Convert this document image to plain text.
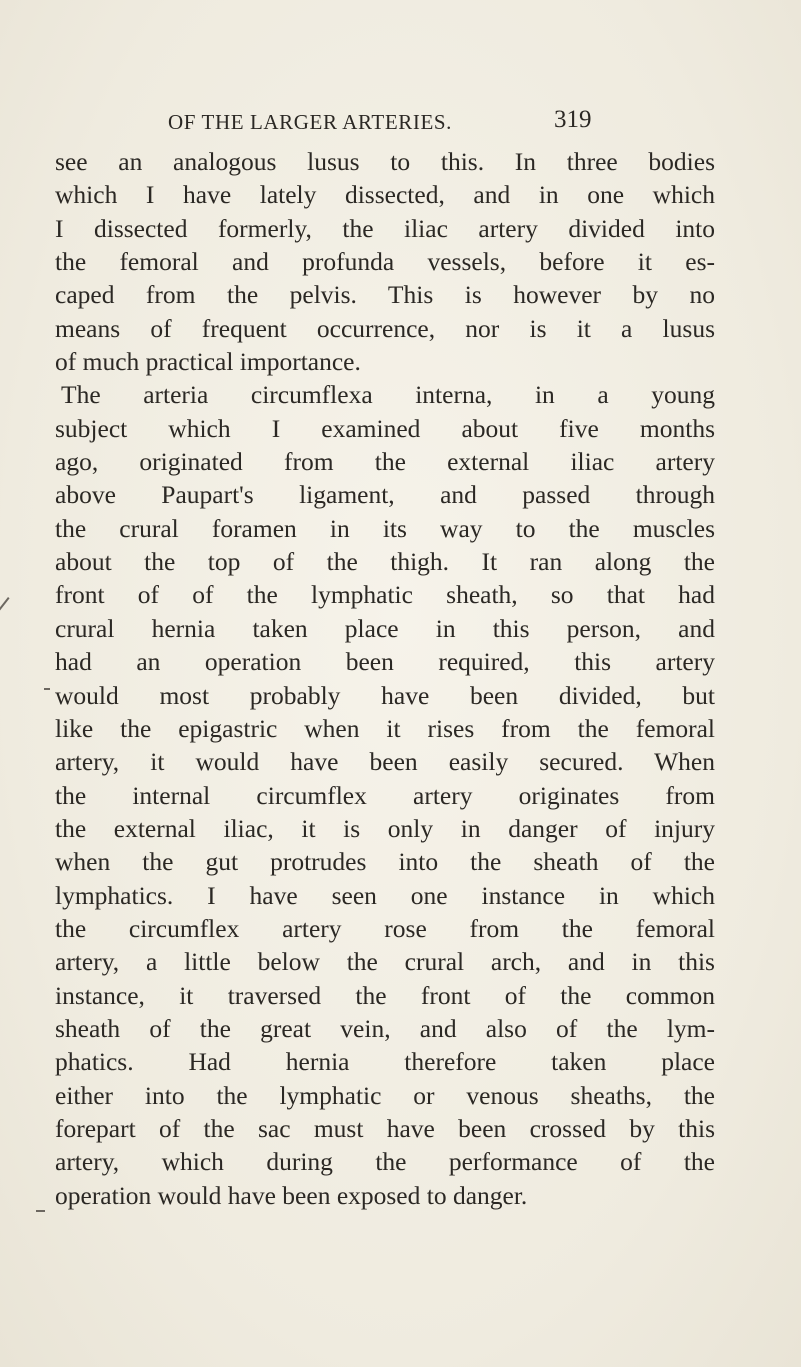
OF THE LARGER ARTERIES.	319
see an analogous lusus to this. In three bodies
which I have lately dissected, and in one which
I dissected formerly, the iliac artery divided into
the femoral and profunda vessels, before it es-
caped from the pelvis. This is however by no
means of frequent occurrence, nor is it a lusus
of much practical importance.
The arteria circumflexa interna, in a young
subject which I examined about five months
ago, originated from the external iliac artery
above Paupart's ligament, and passed through
the crural foramen in its way to the muscles
about the top of the thigh. It ran along the
front of of the lymphatic sheath, so that had
crural hernia taken place in this person, and
had an operation been required, this artery
would most probably have been divided, but
like the epigastric when it rises from the femoral
artery, it would have been easily secured. When
the internal circumflex artery originates from
the external iliac, it is only in danger of injury
when the gut protrudes into the sheath of the
lymphatics. I have seen one instance in which
the circumflex artery rose from the femoral
artery, a little below the crural arch, and in this
instance, it traversed the front of the common
sheath of the great vein, and also of the lym-
phatics. Had hernia therefore taken place
either into the lymphatic or venous sheaths, the
forepart of the sac must have been crossed by this
artery, which during the performance of the
operation would have been exposed to danger.
